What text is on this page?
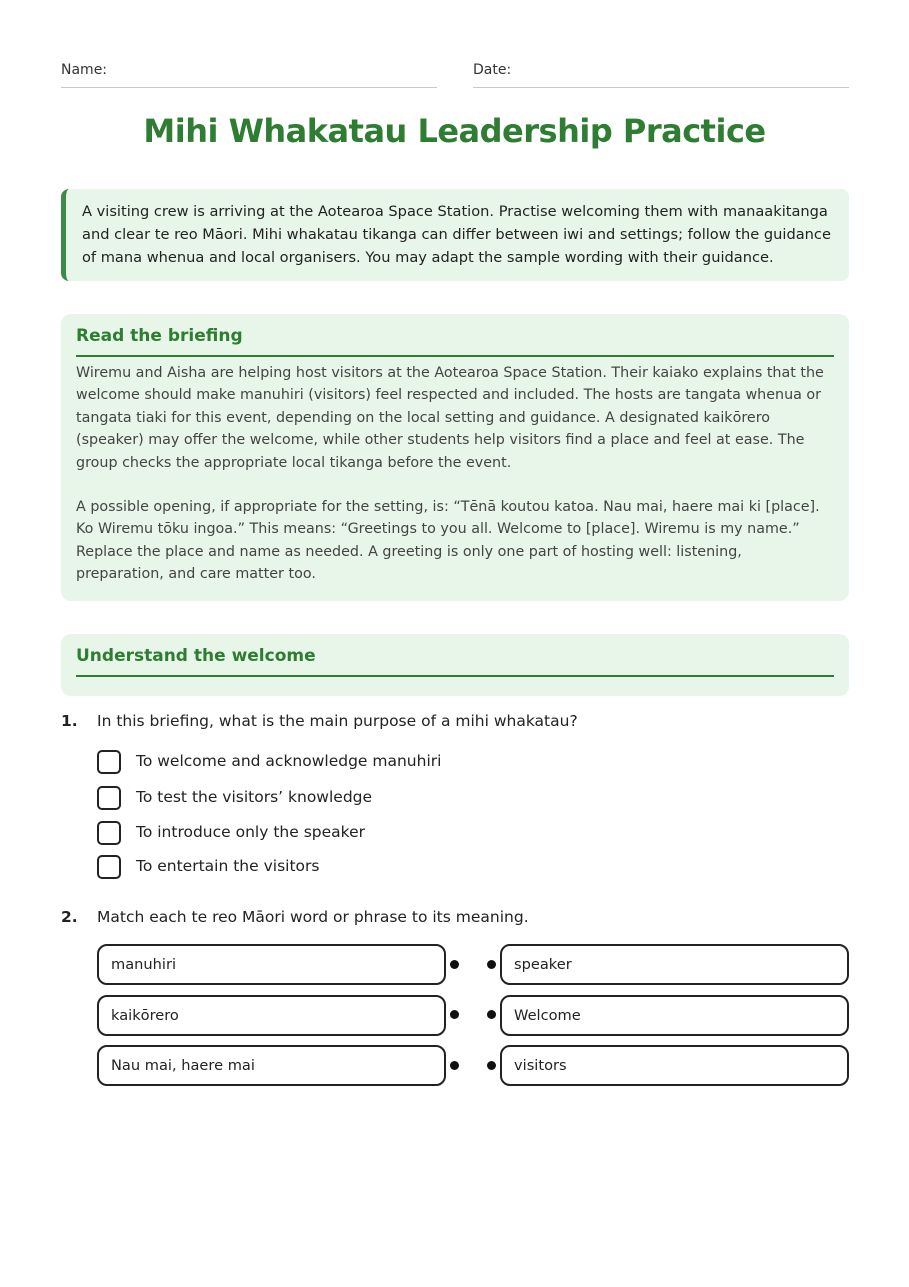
Name:	Date:
Mihi Whakatau Leadership Practice
A visiting crew is arriving at the Aotearoa Space Station. Practise welcoming them with manaakitanga and clear te reo Māori. Mihi whakatau tikanga can differ between iwi and settings; follow the guidance of mana whenua and local organisers. You may adapt the sample wording with their guidance.
Read the briefing

Wiremu and Aisha are helping host visitors at the Aotearoa Space Station. Their kaiako explains that the welcome should make manuhiri (visitors) feel respected and included. The hosts are tangata whenua or tangata tiaki for this event, depending on the local setting and guidance. A designated kaikōrero (speaker) may offer the welcome, while other students help visitors find a place and feel at ease. The group checks the appropriate local tikanga before the event.

A possible opening, if appropriate for the setting, is: “Tēnā koutou katoa. Nau mai, haere mai ki [place]. Ko Wiremu tōku ingoa.” This means: “Greetings to you all. Welcome to [place]. Wiremu is my name.” Replace the place and name as needed. A greeting is only one part of hosting well: listening, preparation, and care matter too.

Understand the welcome
1. In this briefing, what is the main purpose of a mihi whakatau?
To welcome and acknowledge manuhiri
To test the visitors’ knowledge
To introduce only the speaker
To entertain the visitors
2. Match each te reo Māori word or phrase to its meaning.
manuhiri
kaikōrero
Nau mai, haere mai
speaker
Welcome
visitors
